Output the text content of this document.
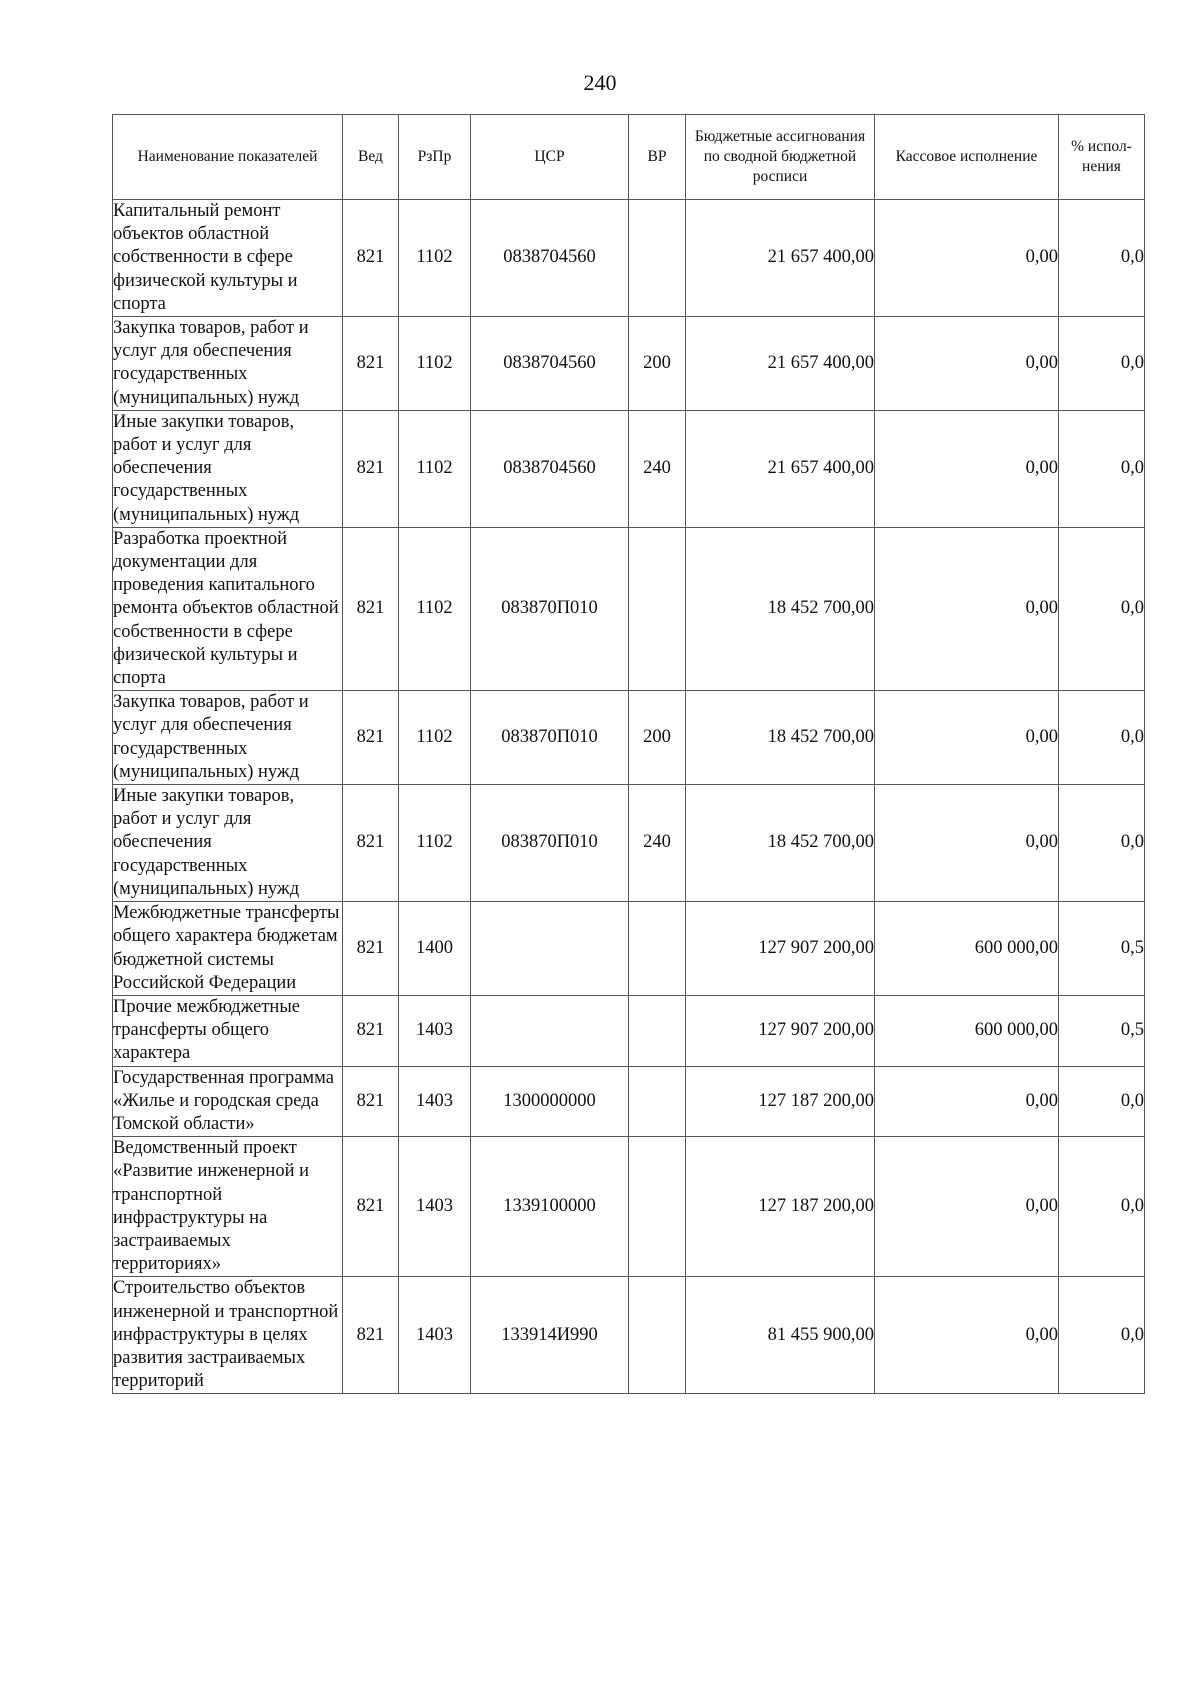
240
Наименование показателей	Вед	РзПр	ЦСР	ВР	Бюджетные ассигнования по сводной бюджетной росписи	Кассовое исполнение	% испол-нения
Капитальный ремонт объектов областной собственности в сфере физической культуры и спорта	821	1102	0838704560		21 657 400,00	0,00	0,0
Закупка товаров, работ и услуг для обеспечения государственных (муниципальных) нужд	821	1102	0838704560	200	21 657 400,00	0,00	0,0
Иные закупки товаров, работ и услуг для обеспечения государственных (муниципальных) нужд	821	1102	0838704560	240	21 657 400,00	0,00	0,0
Разработка проектной документации для проведения капитального ремонта объектов областной собственности в сфере физической культуры и спорта	821	1102	083870П010		18 452 700,00	0,00	0,0
Закупка товаров, работ и услуг для обеспечения государственных (муниципальных) нужд	821	1102	083870П010	200	18 452 700,00	0,00	0,0
Иные закупки товаров, работ и услуг для обеспечения государственных (муниципальных) нужд	821	1102	083870П010	240	18 452 700,00	0,00	0,0
Межбюджетные трансферты общего характера бюджетам бюджетной системы Российской Федерации	821	1400			127 907 200,00	600 000,00	0,5
Прочие межбюджетные трансферты общего характера	821	1403			127 907 200,00	600 000,00	0,5
Государственная программа «Жилье и городская среда Томской области»	821	1403	1300000000		127 187 200,00	0,00	0,0
Ведомственный проект «Развитие инженерной и транспортной инфраструктуры на застраиваемых территориях»	821	1403	1339100000		127 187 200,00	0,00	0,0
Строительство объектов инженерной и транспортной инфраструктуры в целях развития застраиваемых территорий	821	1403	133914И990		81 455 900,00	0,00	0,0
